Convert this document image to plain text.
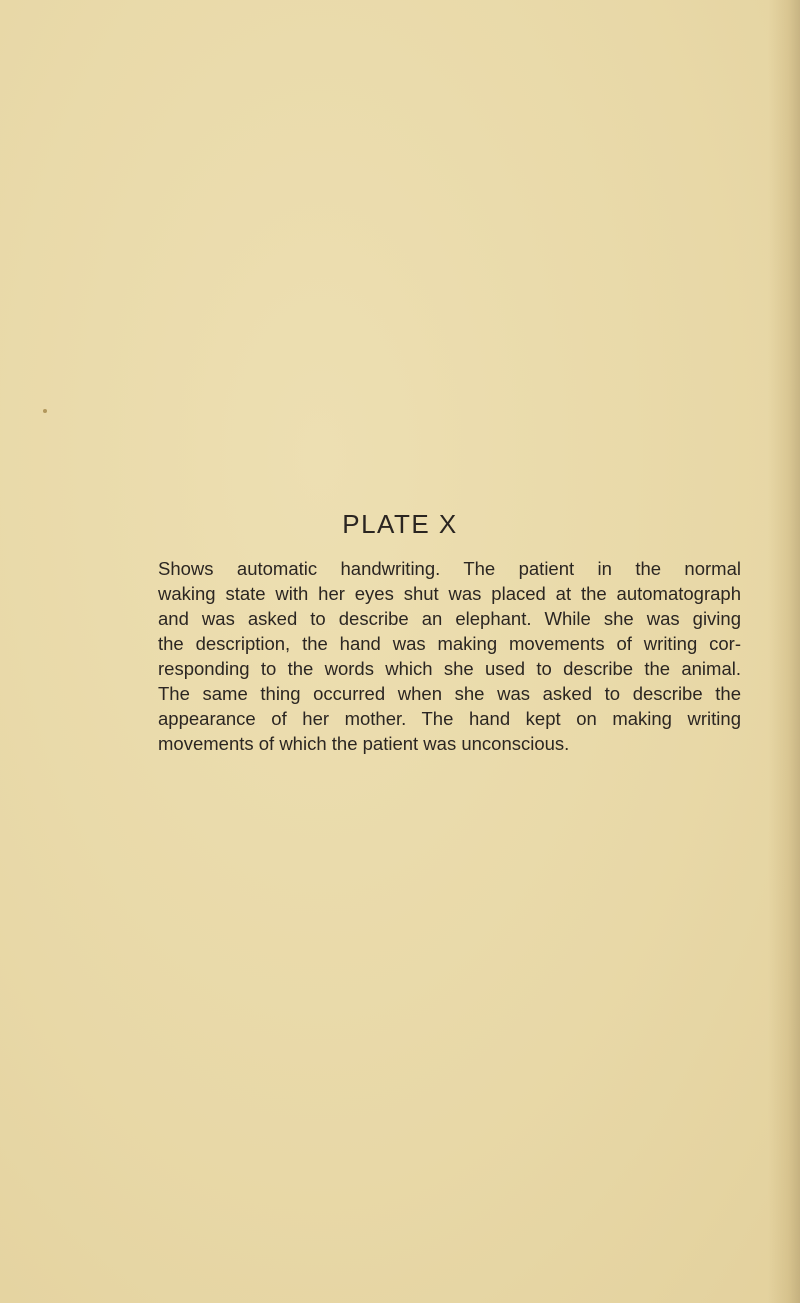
PLATE X

Shows automatic handwriting. The patient in the normal
waking state with her eyes shut was placed at the automatograph
and was asked to describe an elephant. While she was giving
the description, the hand was making movements of writing cor-
responding to the words which she used to describe the animal.
The same thing occurred when she was asked to describe the
appearance of her mother. The hand kept on making writing
movements of which the patient was unconscious.
